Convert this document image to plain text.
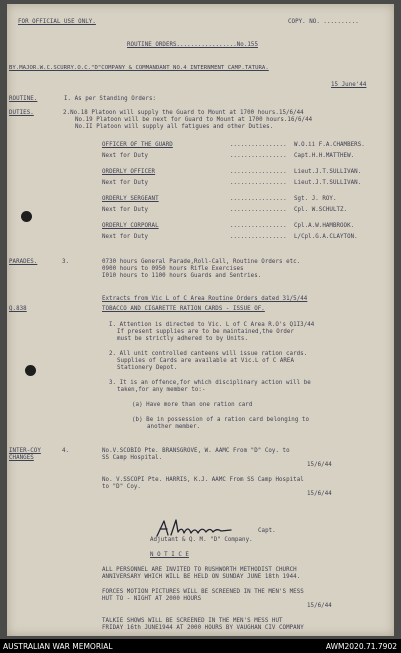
FOR OFFICIAL USE ONLY.	COPY. NO. ..........
ROUTINE ORDERS.................No.155
BY.MAJOR.W.C.SCURRY.O.C."D"COMPANY & COMMANDANT NO.4 INTERNMENT CAMP.TATURA.
15 June'44
ROUTINE.	I. As per Standing Orders:
DUTIES.	2.No.18 Platoon will supply the Guard to Mount at 1700 hours.15/6/44
No.19 Platoon will be next for Guard to Mount at 1700 hours.16/6/44
No.II Platoon will supply all fatigues and other Duties.
OFFICER OF THE GUARD	................ W.O.ii F.A.CHAMBERS.
Next for Duty	................ Capt.H.H.MATTHEW.
ORDERLY OFFICER	................ Lieut.J.T.SULLIVAN.
Next for Duty	................ Lieut.J.T.SULLIVAN.
ORDERLY SERGEANT	................ Sgt. J. ROY.
Next for Duty	................ Cpl. W.SCHULTZ.
ORDERLY CORPORAL	................ Cpl.A.W.HAMBROOK.
Next for Duty	................ L/Cpl.G.A.CLAYTON.
PARADES.	3.	0730 hours General Parade,Roll-Call, Routine Orders etc.
0900 hours to 0950 hours Rifle Exercises
I010 hours to 1100 hours Guards and Sentries.
Extracts from Vic L of C Area Routine Orders dated 31/5/44
Q.838	TOBACCO AND CIGARETTE RATION CARDS - ISSUE OF.
I. Attention is directed to Vic. L of C Area R.O's Q1I3/44
If present supplies are to be maintained,the Order
must be strictly adhered to by Units.
2. All unit controlled canteens will issue ration cards.
Supplies of Cards are available at Vic.L of C AREA
Stationery Depot.
3. It is an offence,for which disciplinary action will be
taken,for any member to:-
(a) Have more than one ration card
(b) Be in possession of a ration card belonging to
another member.
INTER-COY	4.
CHANGES
No.V.SCOBIO Pte. BRANSGROVE, W. AAMC From "D" Coy. to
SS Camp Hospital.
15/6/44
No. V.SSCOPI Pte. HARRIS, K.J. AAMC From SS Camp Hospital
to "D" Coy.
15/6/44
Capt.
Adjutant & Q. M. "D" Company.
N O T I C E
ALL PERSONNEL ARE INVITED TO RUSHWORTH METHODIST CHURCH
ANNIVERSARY WHICH WILL BE HELD ON SUNDAY JUNE 18th 1944.
FORCES MOTION PICTURES WILL BE SCREENED IN THE MEN'S MESS
HUT TO - NIGHT AT 2000 HOURS
15/6/44
TALKIE SHOWS WILL BE SCREENED IN THE MEN'S MESS HUT
FRIDAY 16th JUNE1944 AT 2000 HOURS BY VAUGHAN CIV COMPANY
AUSTRALIAN WAR MEMORIAL	AWM2020.71.7902
